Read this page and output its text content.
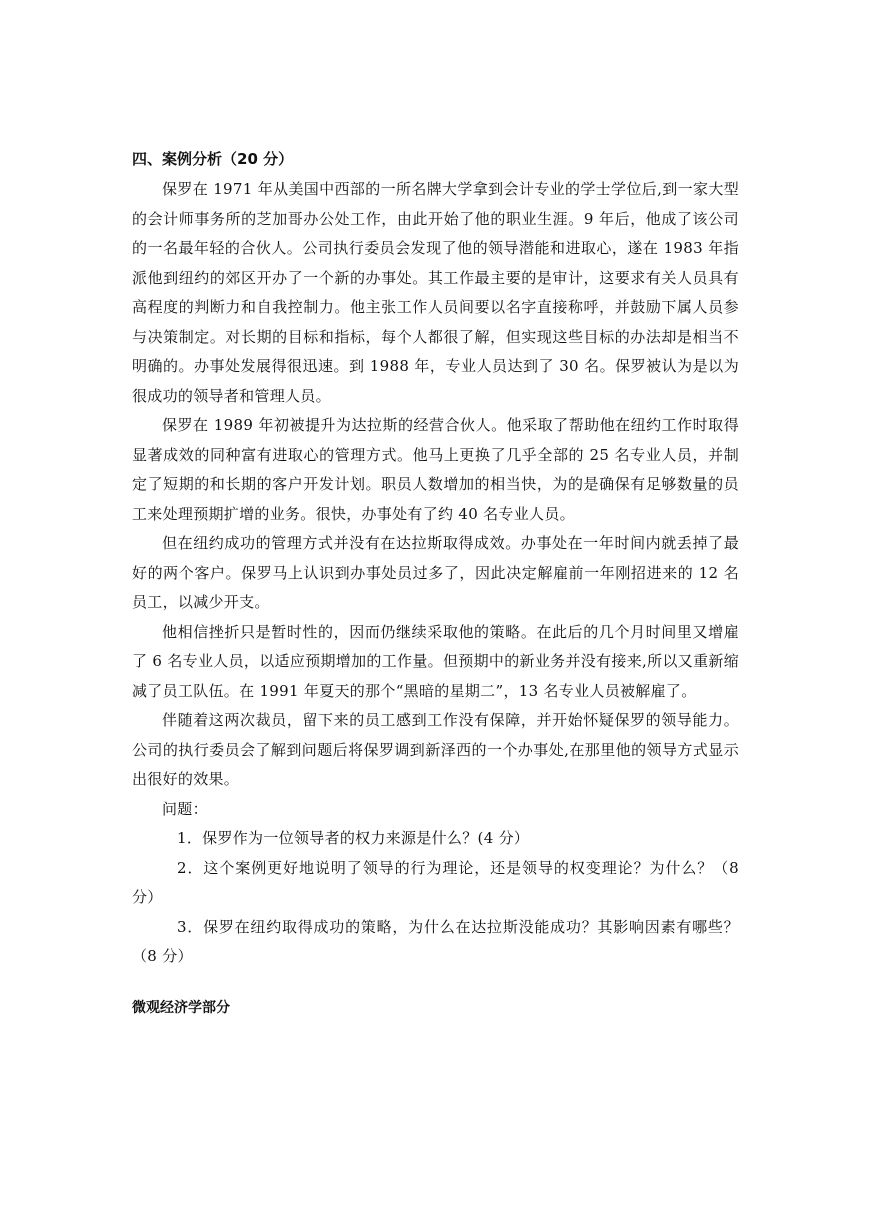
四、案例分析（20 分）

保罗在 1971 年从美国中西部的一所名牌大学拿到会计专业的学士学位后,到一家大型的会计师事务所的芝加哥办公处工作，由此开始了他的职业生涯。9 年后，他成了该公司的一名最年轻的合伙人。公司执行委员会发现了他的领导潜能和进取心，遂在 1983 年指派他到纽约的郊区开办了一个新的办事处。其工作最主要的是审计，这要求有关人员具有高程度的判断力和自我控制力。他主张工作人员间要以名字直接称呼，并鼓励下属人员参与决策制定。对长期的目标和指标，每个人都很了解，但实现这些目标的办法却是相当不明确的。办事处发展得很迅速。到 1988 年，专业人员达到了 30 名。保罗被认为是以为很成功的领导者和管理人员。

保罗在 1989 年初被提升为达拉斯的经营合伙人。他采取了帮助他在纽约工作时取得显著成效的同种富有进取心的管理方式。他马上更换了几乎全部的 25 名专业人员，并制定了短期的和长期的客户开发计划。职员人数增加的相当快，为的是确保有足够数量的员工来处理预期扩增的业务。很快，办事处有了约 40 名专业人员。

但在纽约成功的管理方式并没有在达拉斯取得成效。办事处在一年时间内就丢掉了最好的两个客户。保罗马上认识到办事处员过多了，因此决定解雇前一年刚招进来的 12 名员工，以减少开支。

他相信挫折只是暂时性的，因而仍继续采取他的策略。在此后的几个月时间里又增雇了 6 名专业人员，以适应预期增加的工作量。但预期中的新业务并没有接来,所以又重新缩减了员工队伍。在 1991 年夏天的那个“黑暗的星期二”，13 名专业人员被解雇了。

伴随着这两次裁员，留下来的员工感到工作没有保障，并开始怀疑保罗的领导能力。公司的执行委员会了解到问题后将保罗调到新泽西的一个办事处,在那里他的领导方式显示出很好的效果。

问题：

1．保罗作为一位领导者的权力来源是什么？(4 分）

2．这个案例更好地说明了领导的行为理论，还是领导的权变理论？为什么？（8 分）

3．保罗在纽约取得成功的策略，为什么在达拉斯没能成功？其影响因素有哪些？（8 分）

微观经济学部分
